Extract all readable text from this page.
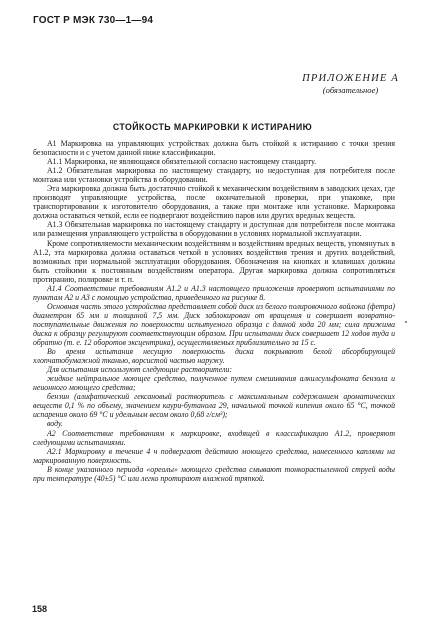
ГОСТ Р МЭК 730—1—94
ПРИЛОЖЕНИЕ А
(обязательное)
СТОЙКОСТЬ МАРКИРОВКИ К ИСТИРАНИЮ

А1 Маркировка на управляющих устройствах должна быть стойкой к истиранию с точки зрения безопасности и с учетом данной ниже классификации.

А1.1 Маркировка, не являющаяся обязательной согласно настоящему стандарту.

А1.2 Обязательная маркировка по настоящему стандарту, но недоступная для потребителя после монтажа или установки устройства в оборудовании.

Эта маркировка должна быть достаточно стойкой к механическим воздействиям в заводских цехах, где производят управляющие устройства, после окончательной проверки, при упаковке, при транспортировании к изготовителю оборудования, а также при монтаже или установке. Маркировка должна оставаться четкой, если ее подвергают воздействию паров или других вредных веществ.

А1.3 Обязательная маркировка по настоящему стандарту и доступная для потребителя после монтажа или размещения управляющего устройства в оборудовании в условиях нормальной эксплуатации.

Кроме сопротивляемости механическим воздействиям и воздействиям вредных веществ, упомянутых в А1.2, эта маркировка должна оставаться четкой в условиях воздействия трения и других воздействий, возможных при нормальной эксплуатации оборудования. Обозначения на кнопках и клавишах должны быть стойкими к постоянным воздействиям оператора. Другая маркировка должна сопротивляться протиранию, полировке и т. п.

А1.4 Соответствие требованиям А1.2 и А1.3 настоящего приложения проверяют испытаниями по пунктам А2 и А3 с помощью устройства, приведенного на рисунке 8.

Основная часть этого устройства представляет собой диск из белого полировочного войлока (фетра) диаметром 65 мм и толщиной 7,5 мм. Диск заблокирован от вращения и совершает возвратно-поступательные движения по поверхности испытуемого образца с длиной хода 20 мм; сила прижима диска к образцу регулируют соответствующим образом. При испытании диск совершает 12 ходов туда и обратно (т. е. 12 оборотов эксцентрика), осуществляемых приблизительно за 15 с.

Во время испытания несущую поверхность диска покрывают белой абсорбирующей хлопчатобумажной тканью, ворсистой частью наружу.

Для испытания используют следующие растворители:

жидкое нейтральное моющее средство, полученное путем смешивания алкилсульфоната бензола и неионного моющего средства;

бензин (алифатический гексановый растворитель с максимальным содержанием ароматических веществ 0,1 % по объему, значением каури-бутанола 29, начальной точкой кипения около 65 °С, точкой испарения около 69 °С и удельным весом около 0,68 г/см³);

воду.

А2 Соответствие требованиям к маркировке, входящей в классификацию А1.2, проверяют следующими испытаниями.

А2.1 Маркировку в течение 4 ч подвергают действию моющего средства, нанесенного каплями на маркированную поверхность.

В конце указанного периода «ореолы» моющего средства смывают тонкораспыленной струей воды при температуре (40±5) °С или легко протирают влажной тряпкой.

158
